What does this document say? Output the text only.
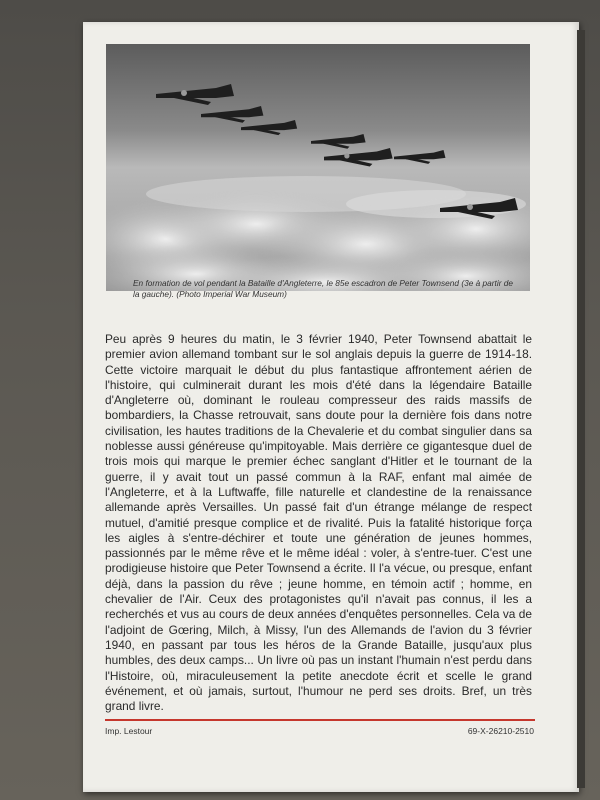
En formation de vol pendant la Bataille d'Angleterre, le 85e escadron de Peter Townsend (3e à partir de la gauche). (Photo Imperial War Museum)
Peu après 9 heures du matin, le 3 février 1940, Peter Townsend abattait le premier avion allemand tombant sur le sol anglais depuis la guerre de 1914-18. Cette victoire marquait le début du plus fantastique affrontement aérien de l'histoire, qui culminerait durant les mois d'été dans la légendaire Bataille d'Angleterre où, dominant le rouleau compresseur des raids massifs de bombardiers, la Chasse retrouvait, sans doute pour la dernière fois dans notre civilisation, les hautes traditions de la Chevalerie et du combat singulier dans sa noblesse aussi généreuse qu'impitoyable. Mais derrière ce gigantesque duel de trois mois qui marque le premier échec sanglant d'Hitler et le tournant de la guerre, il y avait tout un passé commun à la RAF, enfant mal aimée de l'Angleterre, et à la Luftwaffe, fille naturelle et clandestine de la renaissance allemande après Versailles. Un passé fait d'un étrange mélange de respect mutuel, d'amitié presque complice et de rivalité. Puis la fatalité historique força les aigles à s'entre-déchirer et toute une génération de jeunes hommes, passionnés par le même rêve et le même idéal : voler, à s'entre-tuer. C'est une prodigieuse histoire que Peter Townsend a écrite. Il l'a vécue, ou presque, enfant déjà, dans la passion du rêve ; jeune homme, en témoin actif ; homme, en chevalier de l'Air. Ceux des protagonistes qu'il n'avait pas connus, il les a recherchés et vus au cours de deux années d'enquêtes personnelles. Cela va de l'adjoint de Gœring, Milch, à Missy, l'un des Allemands de l'avion du 3 février 1940, en passant par tous les héros de la Grande Bataille, jusqu'aux plus humbles, des deux camps... Un livre où pas un instant l'humain n'est perdu dans l'Histoire, où, miraculeusement la petite anecdote écrit et scelle le grand événement, et où jamais, surtout, l'humour ne perd ses droits. Bref, un très grand livre.
Imp. Lestour	69-X-26210-2510
